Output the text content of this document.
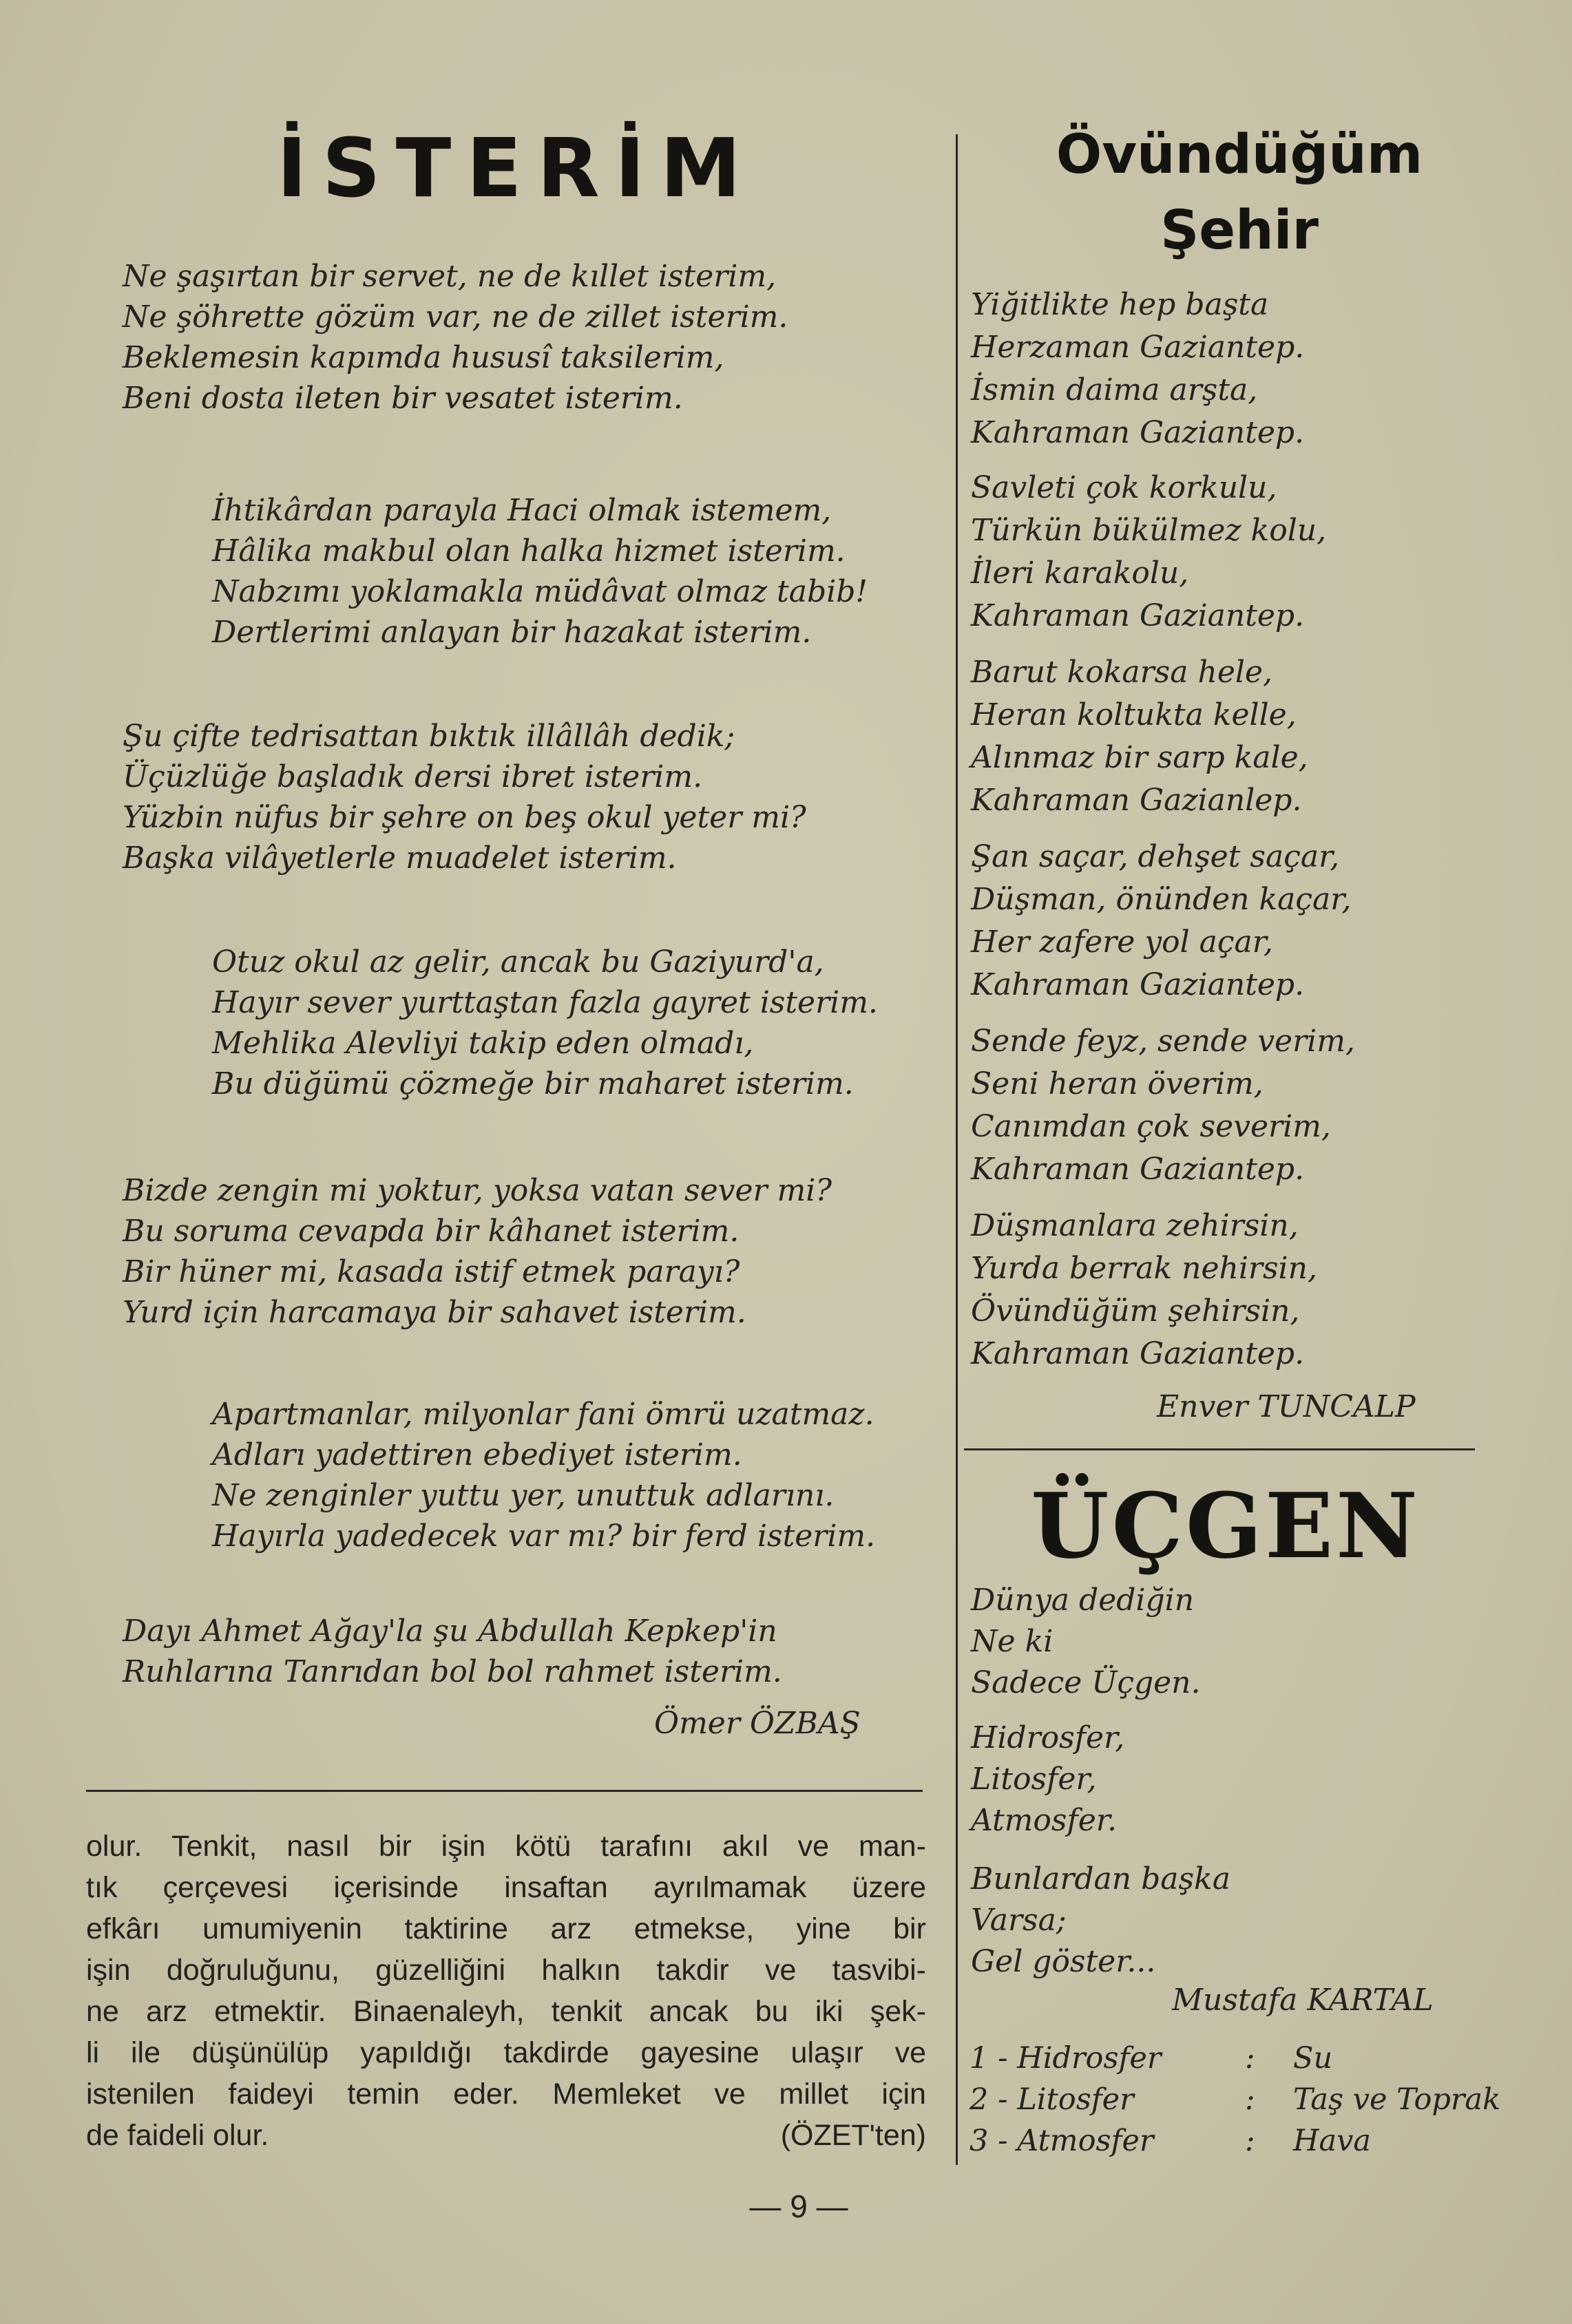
İSTERİM
Ne şaşırtan bir servet, ne de kıllet isterim,
Ne şöhrette gözüm var, ne de zillet isterim.
Beklemesin kapımda hususî taksilerim,
Beni dosta ileten bir vesatet isterim.
İhtikârdan parayla Haci olmak istemem,
Hâlika makbul olan halka hizmet isterim.
Nabzımı yoklamakla müdâvat olmaz tabib!
Dertlerimi anlayan bir hazakat isterim.
Şu çifte tedrisattan bıktık illâllâh dedik;
Üçüzlüğe başladık dersi ibret isterim.
Yüzbin nüfus bir şehre on beş okul yeter mi?
Başka vilâyetlerle muadelet isterim.
Otuz okul az gelir, ancak bu Gaziyurd'a,
Hayır sever yurttaştan fazla gayret isterim.
Mehlika Alevliyi takip eden olmadı,
Bu düğümü çözmeğe bir maharet isterim.
Bizde zengin mi yoktur, yoksa vatan sever mi?
Bu soruma cevapda bir kâhanet isterim.
Bir hüner mi, kasada istif etmek parayı?
Yurd için harcamaya bir sahavet isterim.
Apartmanlar, milyonlar fani ömrü uzatmaz.
Adları yadettiren ebediyet isterim.
Ne zenginler yuttu yer, unuttuk adlarını.
Hayırla yadedecek var mı? bir ferd isterim.
Dayı Ahmet Ağay'la şu Abdullah Kepkep'in
Ruhlarına Tanrıdan bol bol rahmet isterim.
Ömer ÖZBAŞ
olur. Tenkit, nasıl bir işin kötü tarafını akıl ve man-
tık çerçevesi içerisinde insaftan ayrılmamak üzere
efkârı umumiyenin taktirine arz etmekse, yine bir
işin doğruluğunu, güzelliğini halkın takdir ve tasvibi-
ne arz etmektir. Binaenaleyh, tenkit ancak bu iki şek-
li ile düşünülüp yapıldığı takdirde gayesine ulaşır ve
istenilen faideyi temin eder. Memleket ve millet için
de faideli olur.	(ÖZET'ten)
— 9 —
Övündüğüm
Şehir
Yiğitlikte hep başta
Herzaman Gaziantep.
İsmin daima arşta,
Kahraman Gaziantep.
Savleti çok korkulu,
Türkün bükülmez kolu,
İleri karakolu,
Kahraman Gaziantep.
Barut kokarsa hele,
Heran koltukta kelle,
Alınmaz bir sarp kale,
Kahraman Gazianlep.
Şan saçar, dehşet saçar,
Düşman, önünden kaçar,
Her zafere yol açar,
Kahraman Gaziantep.
Sende feyz, sende verim,
Seni heran överim,
Canımdan çok severim,
Kahraman Gaziantep.
Düşmanlara zehirsin,
Yurda berrak nehirsin,
Övündüğüm şehirsin,
Kahraman Gaziantep.
Enver TUNCALP
ÜÇGEN
Dünya dediğin
Ne ki
Sadece Üçgen.
Hidrosfer,
Litosfer,
Atmosfer.
Bunlardan başka
Varsa;
Gel göster...
Mustafa KARTAL
1 - Hidrosfer	:	Su
2 - Litosfer	:	Taş ve Toprak
3 - Atmosfer	:	Hava
